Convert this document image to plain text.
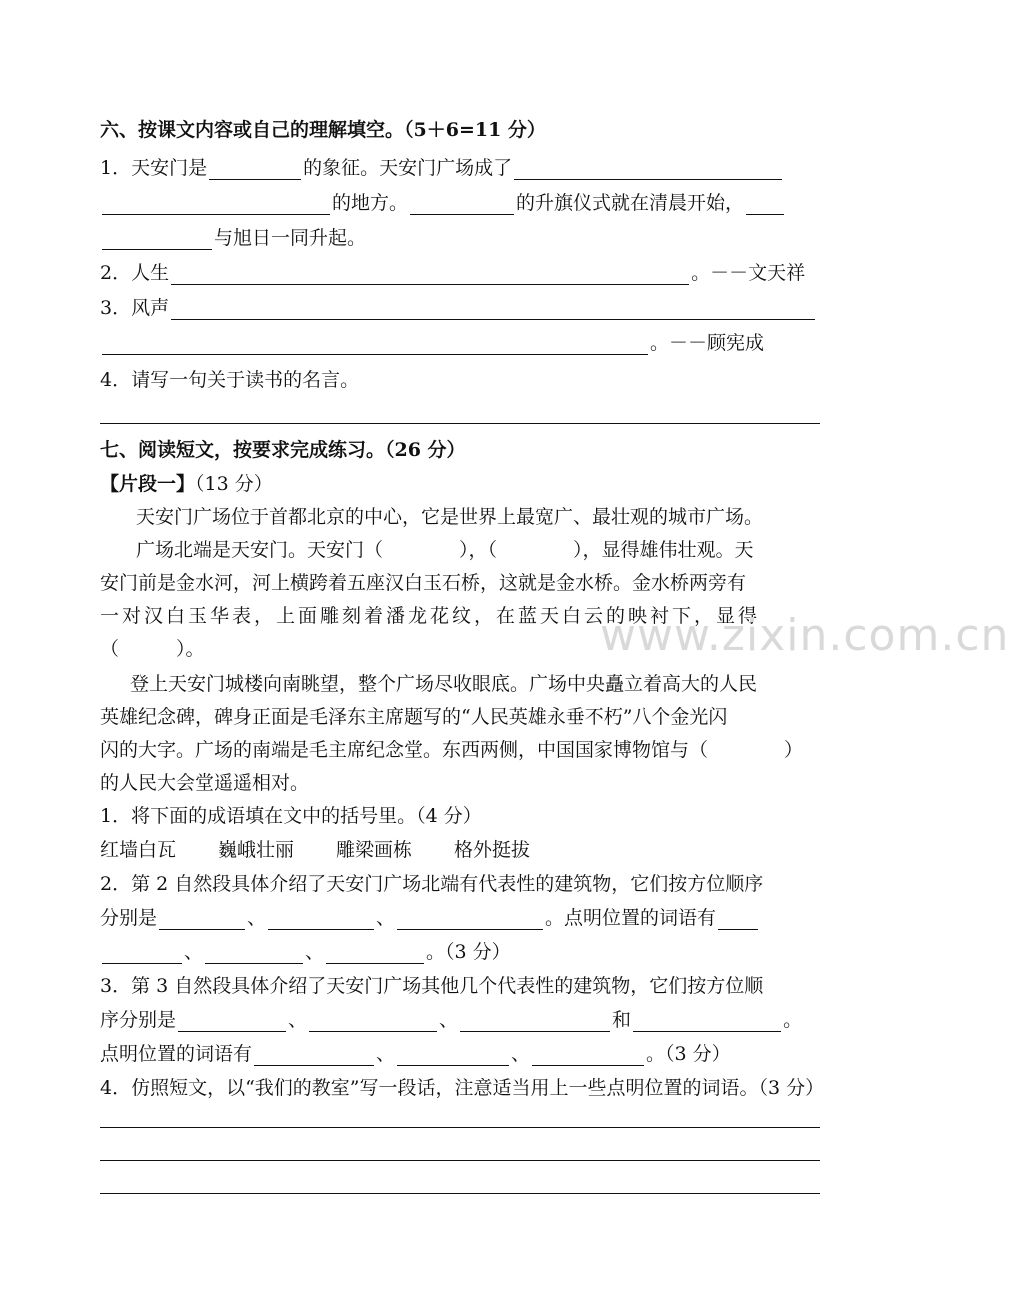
六、按课文内容或自己的理解填空。（5＋6=11 分）
1．天安门是	的象征。天安门广场成了
的地方。	的升旗仪式就在清晨开始，
与旭日一同升起。
2．人生	。－－文天祥
3．风声
。－－顾宪成
4．请写一句关于读书的名言。
七、阅读短文，按要求完成练习。（26 分）
【片段一】（13 分）
天安门广场位于首都北京的中心，它是世界上最宽广、最壮观的城市广场。
广场北端是天安门。天安门（　　　　），（　　　　），显得雄伟壮观。天
安门前是金水河，河上横跨着五座汉白玉石桥，这就是金水桥。金水桥两旁有
一对汉白玉华表，上面雕刻着潘龙花纹，在蓝天白云的映衬下，显得
（　　　）。	www.zixin.com.cn
登上天安门城楼向南眺望，整个广场尽收眼底。广场中央矗立着高大的人民
英雄纪念碑，碑身正面是毛泽东主席题写的“人民英雄永垂不朽”八个金光闪
闪的大字。广场的南端是毛主席纪念堂。东西两侧，中国国家博物馆与（　　　　）
的人民大会堂遥遥相对。
1．将下面的成语填在文中的括号里。（4 分）
红墙白瓦 巍峨壮丽 雕梁画栋 格外挺拔
2．第 2 自然段具体介绍了天安门广场北端有代表性的建筑物，它们按方位顺序
分别是	、	、	。点明位置的词语有
、	、	。（3 分）
3．第 3 自然段具体介绍了天安门广场其他几个代表性的建筑物，它们按方位顺
序分别是	、	、	和	。
点明位置的词语有	、	、	。（3 分）
4．仿照短文，以“我们的教室”写一段话，注意适当用上一些点明位置的词语。（3 分）
